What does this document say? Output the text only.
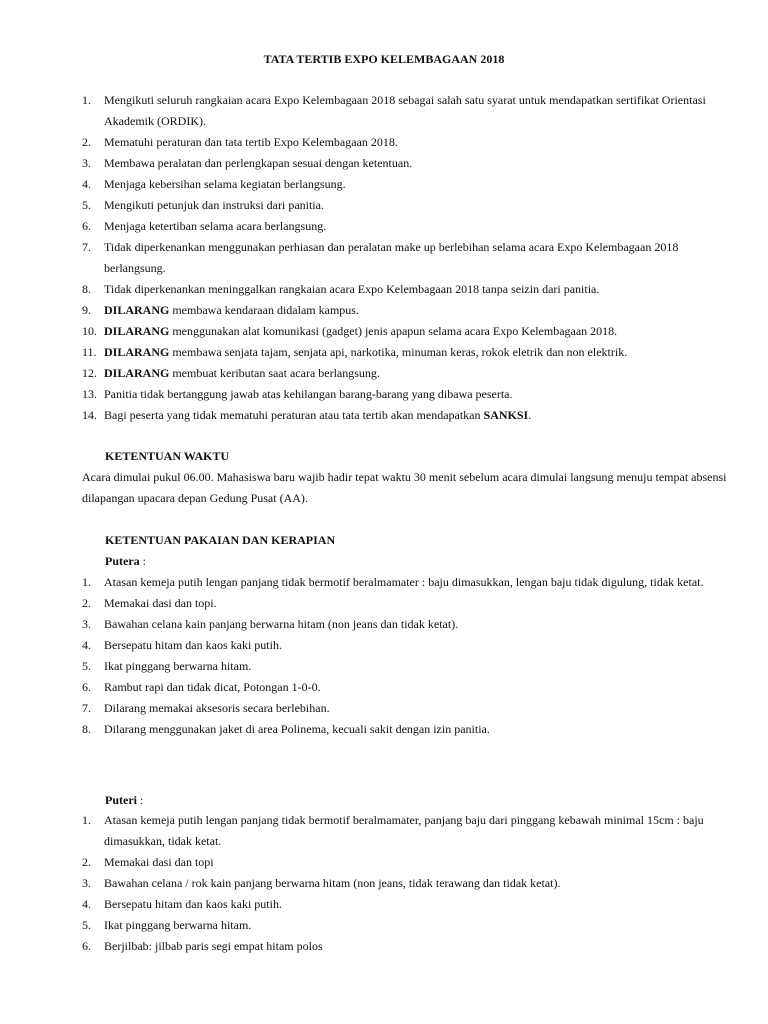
TATA TERTIB EXPO KELEMBAGAAN 2018
1.	Mengikuti seluruh rangkaian acara Expo Kelembagaan 2018 sebagai salah satu syarat untuk mendapatkan sertifikat Orientasi Akademik (ORDIK).
2.	Mematuhi peraturan dan tata tertib Expo Kelembagaan 2018.
3.	Membawa peralatan dan perlengkapan sesuai dengan ketentuan.
4.	Menjaga kebersihan selama kegiatan berlangsung.
5.	Mengikuti petunjuk dan instruksi dari panitia.
6.	Menjaga ketertiban selama acara berlangsung.
7.	Tidak diperkenankan menggunakan perhiasan dan peralatan make up berlebihan selama acara Expo Kelembagaan 2018 berlangsung.
8.	Tidak diperkenankan meninggalkan rangkaian acara Expo Kelembagaan 2018 tanpa seizin dari panitia.
9.	DILARANG membawa kendaraan didalam kampus.
10. DILARANG menggunakan alat komunikasi (gadget) jenis apapun selama acara Expo Kelembagaan 2018.
11. DILARANG membawa senjata tajam, senjata api, narkotika, minuman keras, rokok eletrik dan non elektrik.
12. DILARANG membuat keributan saat acara berlangsung.
13. Panitia tidak bertanggung jawab atas kehilangan barang-barang yang dibawa peserta.
14. Bagi peserta yang tidak mematuhi peraturan atau tata tertib akan mendapatkan SANKSI.
KETENTUAN WAKTU
Acara dimulai pukul 06.00. Mahasiswa baru wajib hadir tepat waktu 30 menit sebelum acara dimulai langsung menuju tempat absensi dilapangan upacara depan Gedung Pusat (AA).
KETENTUAN PAKAIAN DAN KERAPIAN
Putera :
1.	Atasan kemeja putih lengan panjang tidak bermotif beralmamater : baju dimasukkan, lengan baju tidak digulung, tidak ketat.
2.	Memakai dasi dan topi.
3.	Bawahan celana kain panjang berwarna hitam (non jeans dan tidak ketat).
4.	Bersepatu hitam dan kaos kaki putih.
5.	Ikat pinggang berwarna hitam.
6.	Rambut rapi dan tidak dicat, Potongan 1-0-0.
7.	Dilarang memakai aksesoris secara berlebihan.
8.	Dilarang menggunakan jaket di area Polinema, kecuali sakit dengan izin panitia.
Puteri :
1.	Atasan kemeja putih lengan panjang tidak bermotif beralmamater, panjang baju dari pinggang kebawah minimal 15cm : baju dimasukkan, tidak ketat.
2.	Memakai dasi dan topi
3.	Bawahan celana / rok kain panjang berwarna hitam (non jeans, tidak terawang dan tidak ketat).
4.	Bersepatu hitam dan kaos kaki putih.
5.	Ikat pinggang berwarna hitam.
6.	Berjilbab: jilbab paris segi empat hitam polos
